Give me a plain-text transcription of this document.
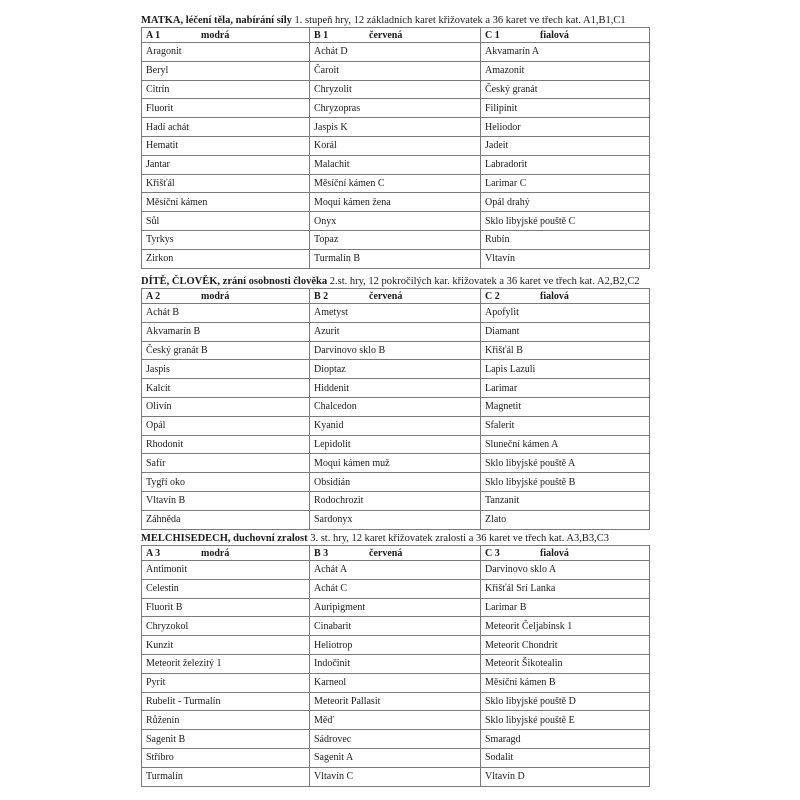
MATKA, léčení těla, nabírání síly 1. stupeň hry, 12 základních karet křižovatek a 36 karet ve třech kat. A1,B1,C1
A 1 modrá	B 1 červená	C 1 fialová
Aragonit	Achát D	Akvamarín A
Beryl	Čaroit	Amazonit
Citrín	Chryzolit	Český granát
Fluorit	Chryzopras	Filipinit
Hadí achát	Jaspis K	Heliodor
Hematit	Korál	Jadeit
Jantar	Malachit	Labradorit
Křišťál	Měsíční kámen C	Larimar C
Měsíční kámen	Moqui kámen žena	Opál drahý
Sůl	Onyx	Sklo libyjské pouště C
Tyrkys	Topaz	Rubín
Zirkon	Turmalín B	Vltavín
DÍTĚ, ČLOVĚK, zrání osobnosti člověka 2.st. hry, 12 pokročilých kar. křižovatek a 36 karet ve třech kat. A2,B2,C2
A 2 modrá	B 2 červená	C 2 fialová
Achát B	Ametyst	Apofylit
Akvamarín B	Azurit	Diamant
Český granát B	Darvinovo sklo B	Křišťál B
Jaspis	Dioptaz	Lapis Lazuli
Kalcit	Hiddenit	Larimar
Olivín	Chalcedon	Magnetit
Opál	Kyanid	Sfalerit
Rhodonit	Lepidolit	Sluneční kámen A
Safír	Moqui kámen muž	Sklo libyjské pouště A
Tygří oko	Obsidián	Sklo libyjské pouště B
Vltavín B	Rodochrozit	Tanzanit
Záhněda	Sardonyx	Zlato
MELCHISEDECH, duchovní zralost 3. st. hry, 12 karet křižovatek zralosti a 36 karet ve třech kat. A3,B3,C3
A 3 modrá	B 3 červená	C 3 fialová
Antimonit	Achát A	Darvinovo sklo A
Celestin	Achát C	Křišťál Srí Lanka
Fluorit B	Auripigment	Larimar B
Chryzokol	Cinabarit	Meteorit Čeljabinsk 1
Kunzit	Heliotrop	Meteorit Chondrit
Meteorit železitý 1	Indočinit	Meteorit Šikotealin
Pyrit	Karneol	Měsíční kámen B
Rubelit - Turmalín	Meteorit Pallasit	Sklo libyjské pouště D
Růženín	Měď	Sklo libyjské pouště E
Sagenit B	Sádrovec	Smaragd
Stříbro	Sagenit A	Sodalit
Turmalín	Vltavín C	Vltavín D
